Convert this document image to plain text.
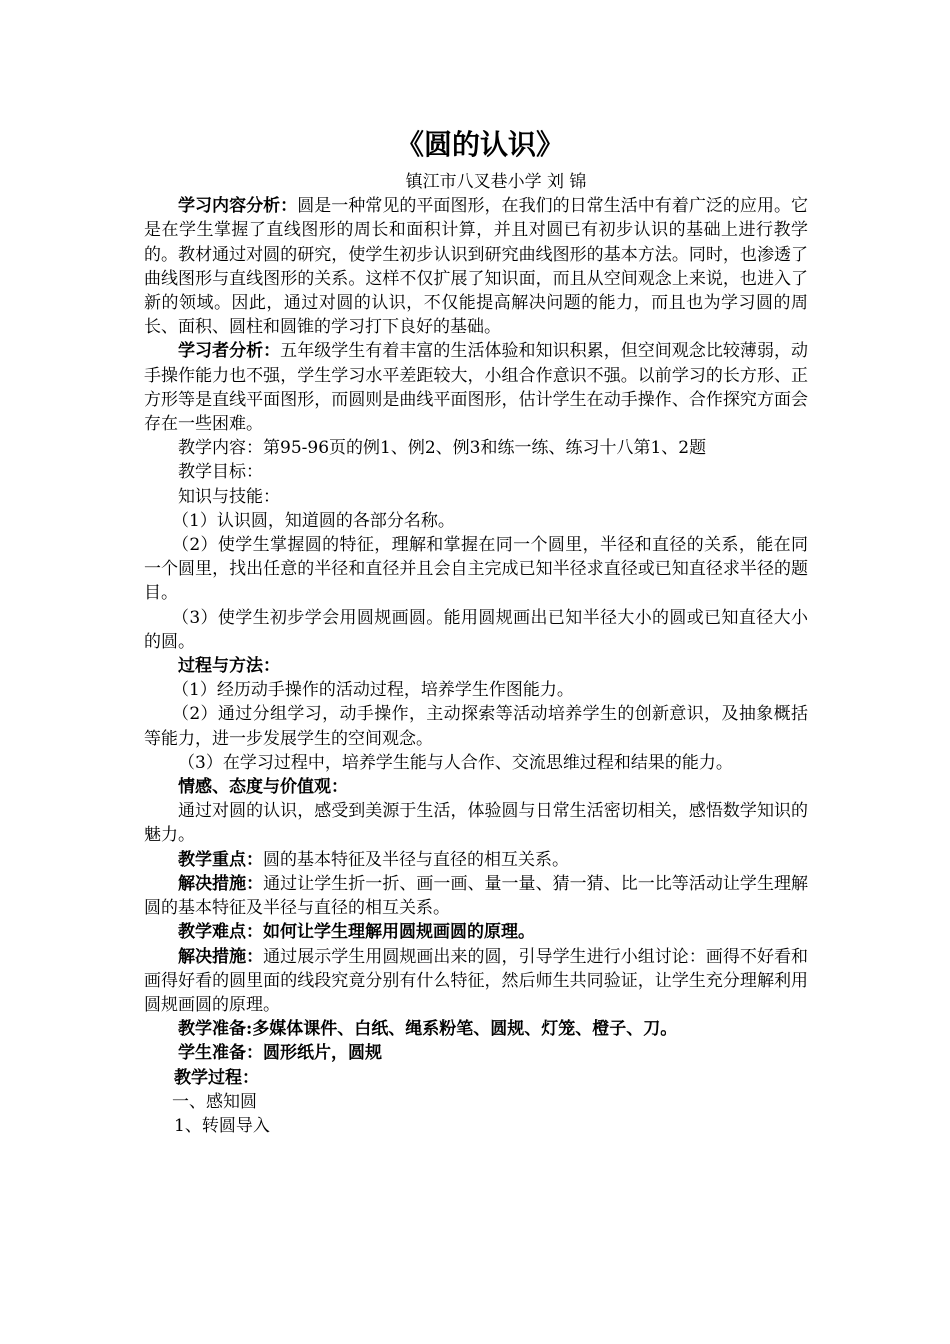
《圆的认识》

镇江市八叉巷小学 刘 锦

学习内容分析：圆是一种常见的平面图形，在我们的日常生活中有着广泛的应用。它是在学生掌握了直线图形的周长和面积计算，并且对圆已有初步认识的基础上进行教学的。教材通过对圆的研究，使学生初步认识到研究曲线图形的基本方法。同时，也渗透了曲线图形与直线图形的关系。这样不仅扩展了知识面，而且从空间观念上来说，也进入了新的领域。因此，通过对圆的认识，不仅能提高解决问题的能力，而且也为学习圆的周长、面积、圆柱和圆锥的学习打下良好的基础。

学习者分析：五年级学生有着丰富的生活体验和知识积累，但空间观念比较薄弱，动手操作能力也不强，学生学习水平差距较大，小组合作意识不强。以前学习的长方形、正方形等是直线平面图形，而圆则是曲线平面图形，估计学生在动手操作、合作探究方面会存在一些困难。

教学内容：第95-96页的例1、例2、例3和练一练、练习十八第1、2题

教学目标：

知识与技能：

（1）认识圆，知道圆的各部分名称。

（2）使学生掌握圆的特征，理解和掌握在同一个圆里，半径和直径的关系，能在同一个圆里，找出任意的半径和直径并且会自主完成已知半径求直径或已知直径求半径的题目。

（3）使学生初步学会用圆规画圆。能用圆规画出已知半径大小的圆或已知直径大小的圆。

过程与方法：

（1）经历动手操作的活动过程，培养学生作图能力。

（2）通过分组学习，动手操作，主动探索等活动培养学生的创新意识，及抽象概括等能力，进一步发展学生的空间观念。

（3）在学习过程中，培养学生能与人合作、交流思维过程和结果的能力。

情感、态度与价值观：

通过对圆的认识，感受到美源于生活，体验圆与日常生活密切相关，感悟数学知识的魅力。

教学重点：圆的基本特征及半径与直径的相互关系。

解决措施：通过让学生折一折、画一画、量一量、猜一猜、比一比等活动让学生理解圆的基本特征及半径与直径的相互关系。

教学难点：如何让学生理解用圆规画圆的原理。

解决措施：通过展示学生用圆规画出来的圆，引导学生进行小组讨论：画得不好看和画得好看的圆里面的线段究竟分别有什么特征，然后师生共同验证，让学生充分理解利用圆规画圆的原理。

教学准备:多媒体课件、白纸、绳系粉笔、圆规、灯笼、橙子、刀。

学生准备：圆形纸片，圆规

教学过程：

一、感知圆

1、转圆导入
